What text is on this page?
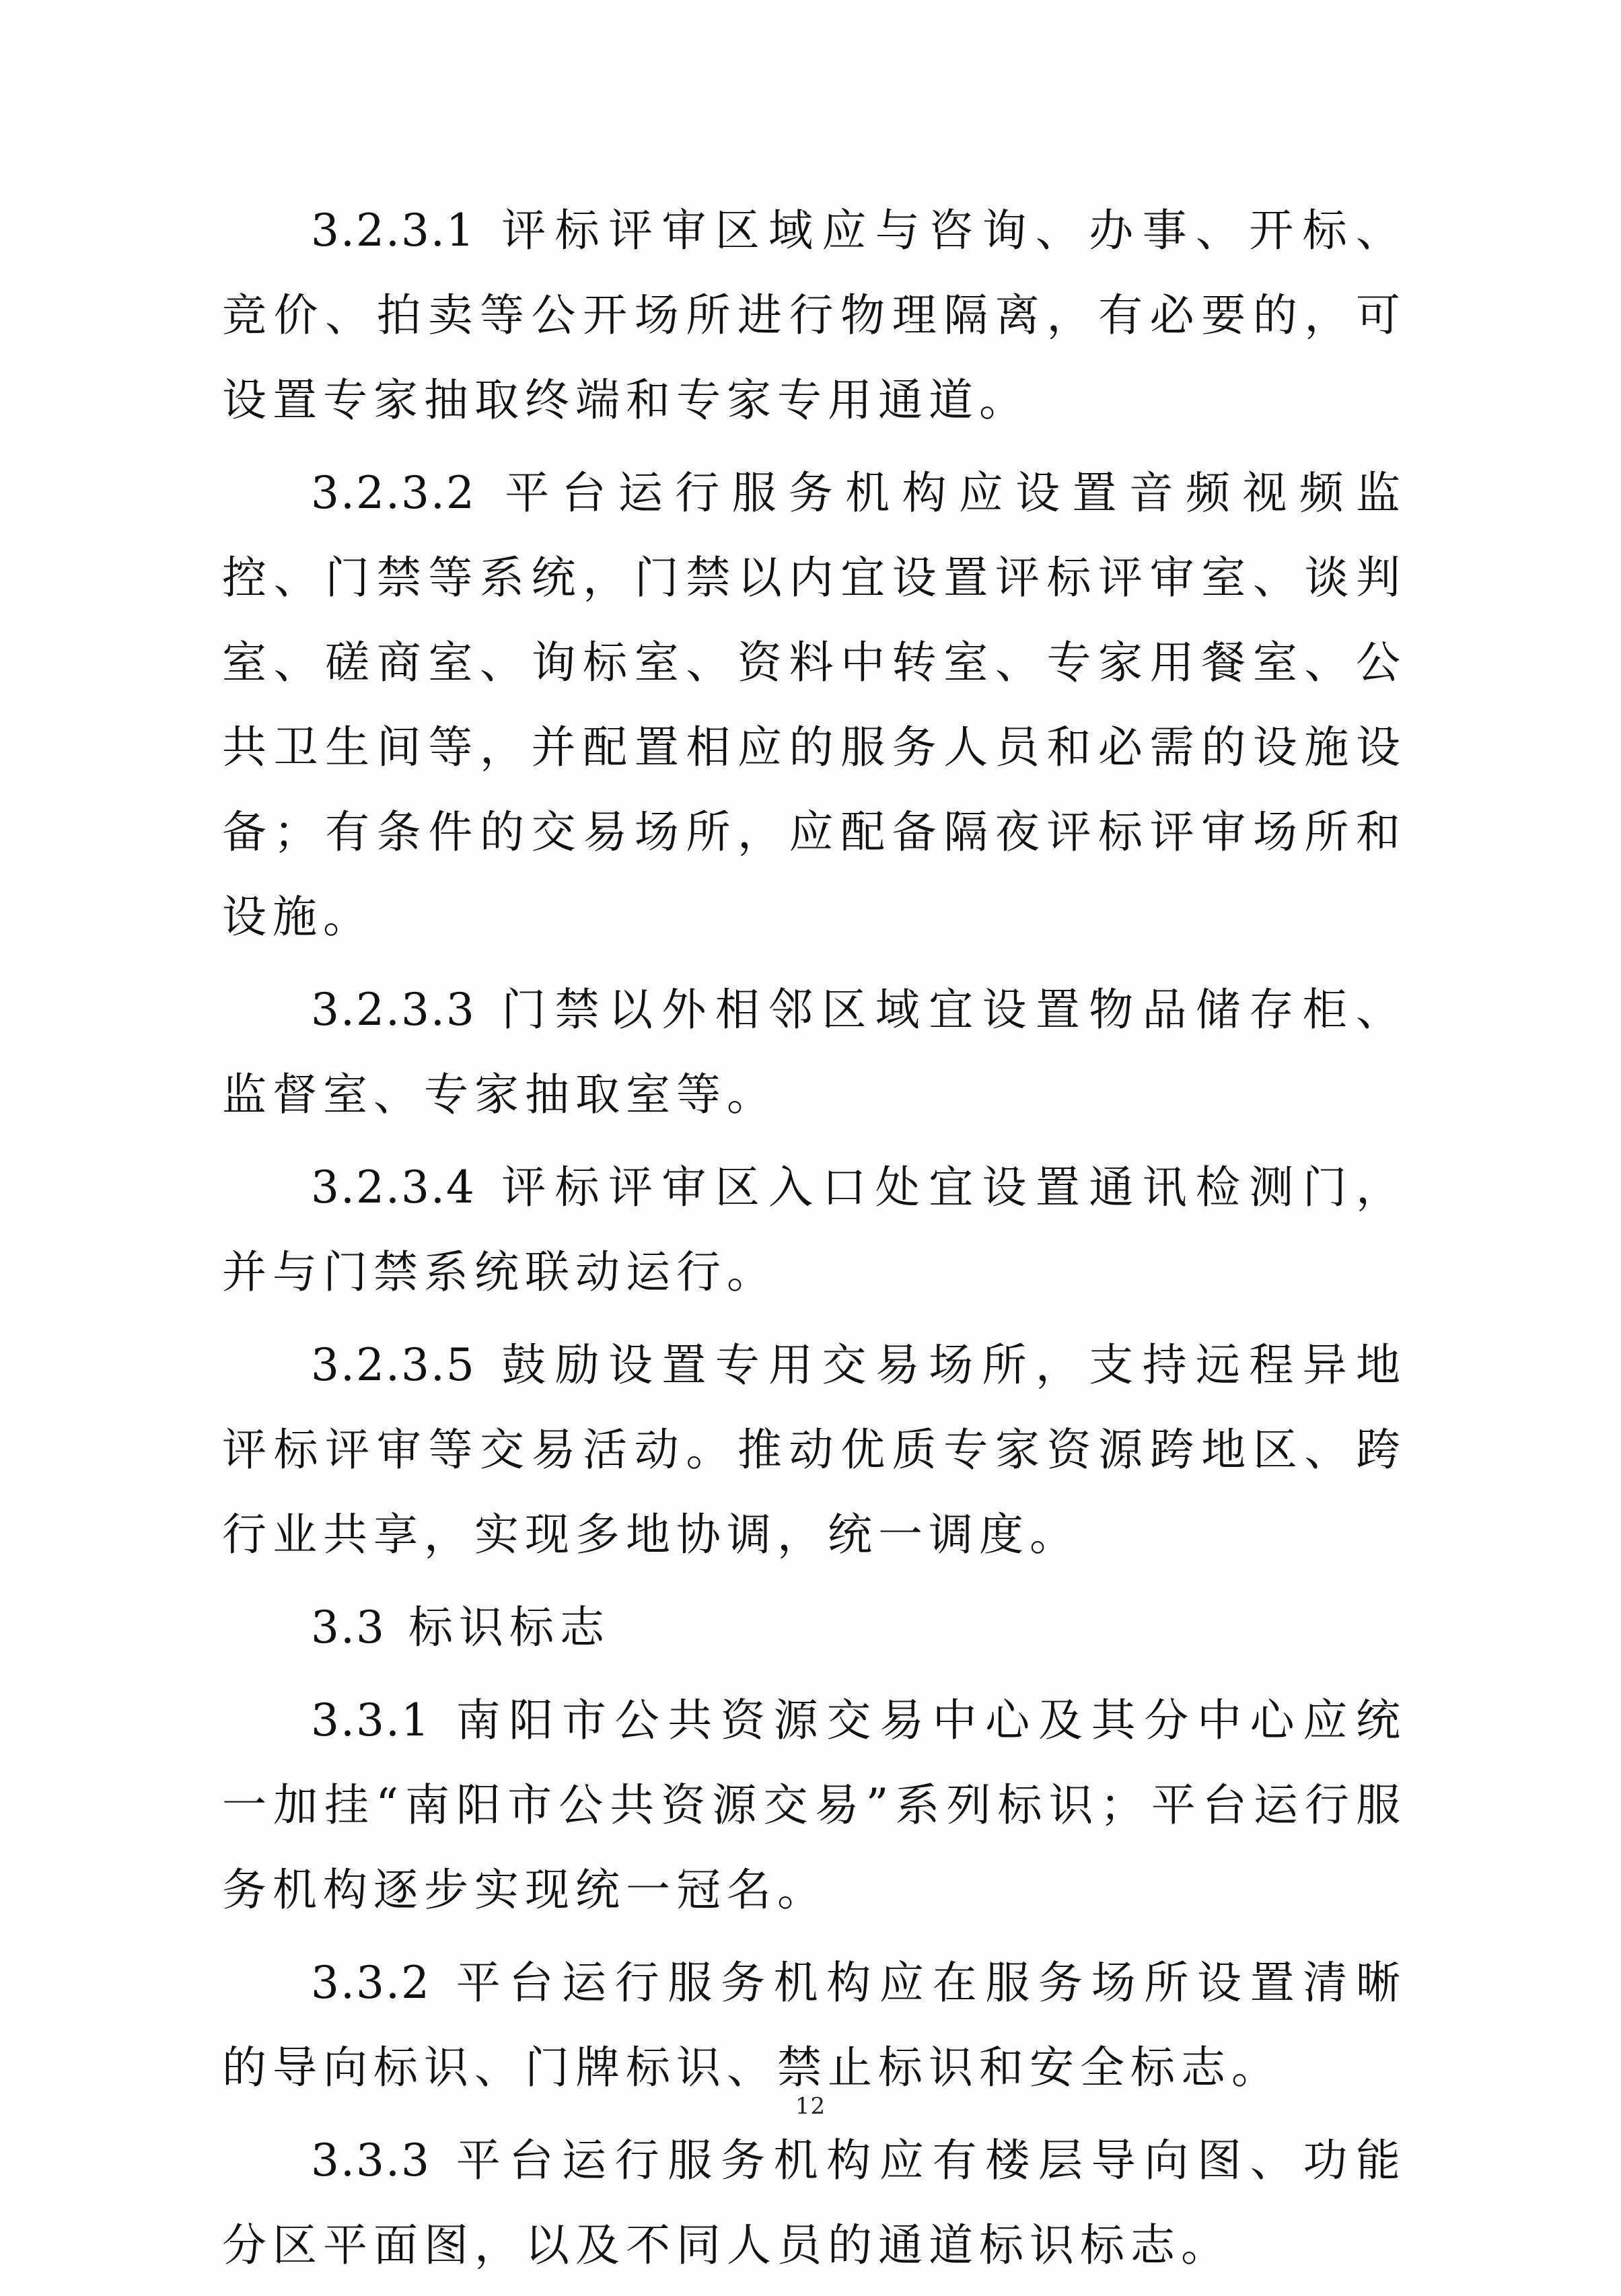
3.2.3.1 评标评审区域应与咨询、办事、开标、竞价、拍卖等公开场所进行物理隔离，有必要的，可设置专家抽取终端和专家专用通道。

3.2.3.2 平台运行服务机构应设置音频视频监控、门禁等系统，门禁以内宜设置评标评审室、谈判室、磋商室、询标室、资料中转室、专家用餐室、公共卫生间等，并配置相应的服务人员和必需的设施设备；有条件的交易场所，应配备隔夜评标评审场所和设施。

3.2.3.3 门禁以外相邻区域宜设置物品储存柜、监督室、专家抽取室等。

3.2.3.4 评标评审区入口处宜设置通讯检测门，并与门禁系统联动运行。

3.2.3.5 鼓励设置专用交易场所，支持远程异地评标评审等交易活动。推动优质专家资源跨地区、跨行业共享，实现多地协调，统一调度。

3.3 标识标志

3.3.1 南阳市公共资源交易中心及其分中心应统一加挂“南阳市公共资源交易”系列标识；平台运行服务机构逐步实现统一冠名。

3.3.2 平台运行服务机构应在服务场所设置清晰的导向标识、门牌标识、禁止标识和安全标志。

3.3.3 平台运行服务机构应有楼层导向图、功能分区平面图，以及不同人员的通道标识标志。

12
